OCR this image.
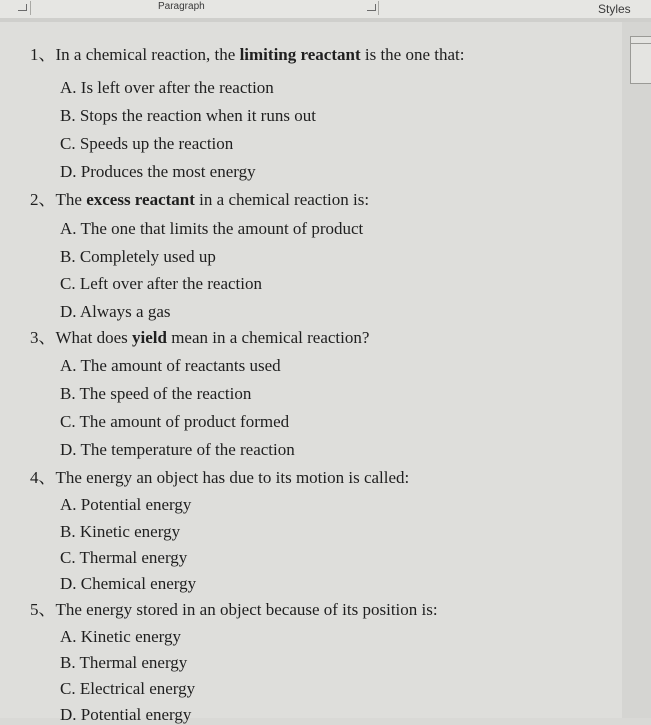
Paragraph	Styles
1、In a chemical reaction, the limiting reactant is the one that:
A. Is left over after the reaction
B. Stops the reaction when it runs out
C. Speeds up the reaction
D. Produces the most energy
2、The excess reactant in a chemical reaction is:
A. The one that limits the amount of product
B. Completely used up
C. Left over after the reaction
D. Always a gas
3、What does yield mean in a chemical reaction?
A. The amount of reactants used
B. The speed of the reaction
C. The amount of product formed
D. The temperature of the reaction
4、The energy an object has due to its motion is called:
A. Potential energy
B. Kinetic energy
C. Thermal energy
D. Chemical energy
5、The energy stored in an object because of its position is:
A. Kinetic energy
B. Thermal energy
C. Electrical energy
D. Potential energy
